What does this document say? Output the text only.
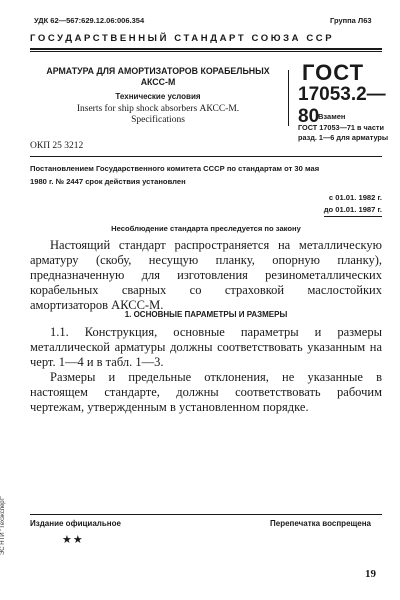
УДК 62—567:629.12.06:006.354	Группа Л63
ГОСУДАРСТВЕННЫЙ СТАНДАРТ СОЮЗА ССР
АРМАТУРА ДЛЯ АМОРТИЗАТОРОВ КОРАБЕЛЬНЫХ
АКСС-М
Технические условия
Inserts for ship shock absorbers АКСС-М.
Specifications
ГОСТ
17053.2—80
Взамен
ГОСТ 17053—71 в части
разд. 1—6 для арматуры
ОКП 25 3212
Постановлением Государственного комитета СССР по стандартам от 30 мая
1980 г. № 2447 срок действия установлен
с 01.01. 1982 г.
до 01.01. 1987 г.
Несоблюдение стандарта преследуется по закону

Настоящий стандарт распространяется на металлическую арматуру (скобу, несущую планку, опорную планку), предназначенную для изготовления резинометаллических корабельных сварных со страховкой маслостойких амортизаторов АКСС-М.

1. ОСНОВНЫЕ ПАРАМЕТРЫ И РАЗМЕРЫ

1.1. Конструкция, основные параметры и размеры металлической арматуры должны соответствовать указанным на черт. 1—4 и в табл. 1—3.

Размеры и предельные отклонения, не указанные в настоящем стандарте, должны соответствовать рабочим чертежам, утвержденным в установленном порядке.

ЭС НТИ "Техэксперт"	Издание официальное	Перепечатка воспрещена
★★
19
